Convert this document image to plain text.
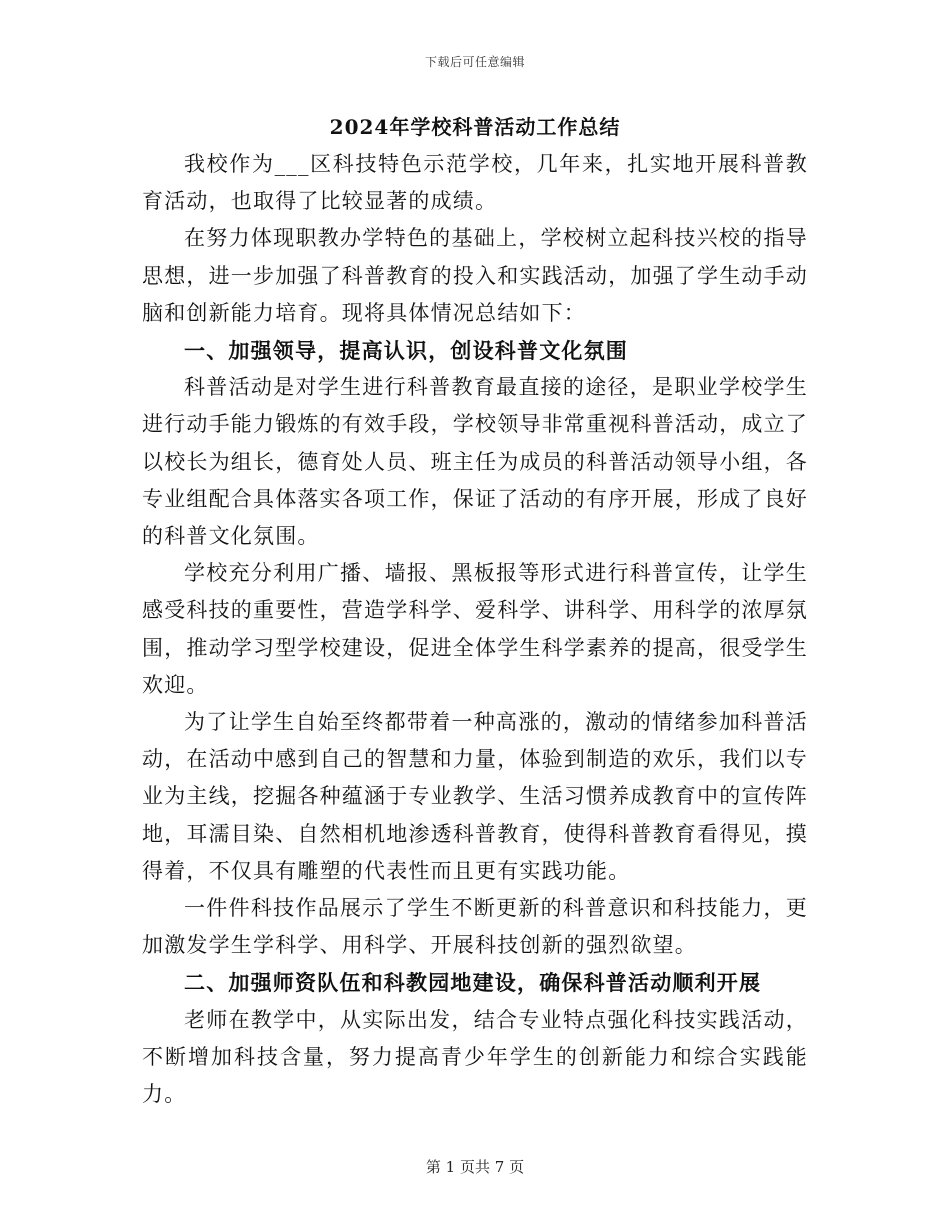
下载后可任意编辑
2024年学校科普活动工作总结

我校作为___区科技特色示范学校，几年来，扎实地开展科普教育活动，也取得了比较显著的成绩。

在努力体现职教办学特色的基础上，学校树立起科技兴校的指导思想，进一步加强了科普教育的投入和实践活动，加强了学生动手动脑和创新能力培育。现将具体情况总结如下：

一、加强领导，提高认识，创设科普文化氛围

科普活动是对学生进行科普教育最直接的途径，是职业学校学生进行动手能力锻炼的有效手段，学校领导非常重视科普活动，成立了以校长为组长，德育处人员、班主任为成员的科普活动领导小组，各专业组配合具体落实各项工作，保证了活动的有序开展，形成了良好的科普文化氛围。

学校充分利用广播、墙报、黑板报等形式进行科普宣传，让学生感受科技的重要性，营造学科学、爱科学、讲科学、用科学的浓厚氛围，推动学习型学校建设，促进全体学生科学素养的提高，很受学生欢迎。

为了让学生自始至终都带着一种高涨的，激动的情绪参加科普活动，在活动中感到自己的智慧和力量，体验到制造的欢乐，我们以专业为主线，挖掘各种蕴涵于专业教学、生活习惯养成教育中的宣传阵地，耳濡目染、自然相机地渗透科普教育，使得科普教育看得见，摸得着，不仅具有雕塑的代表性而且更有实践功能。

一件件科技作品展示了学生不断更新的科普意识和科技能力，更加激发学生学科学、用科学、开展科技创新的强烈欲望。

二、加强师资队伍和科教园地建设，确保科普活动顺利开展

老师在教学中，从实际出发，结合专业特点强化科技实践活动，不断增加科技含量，努力提高青少年学生的创新能力和综合实践能力。

第 1 页共 7 页
